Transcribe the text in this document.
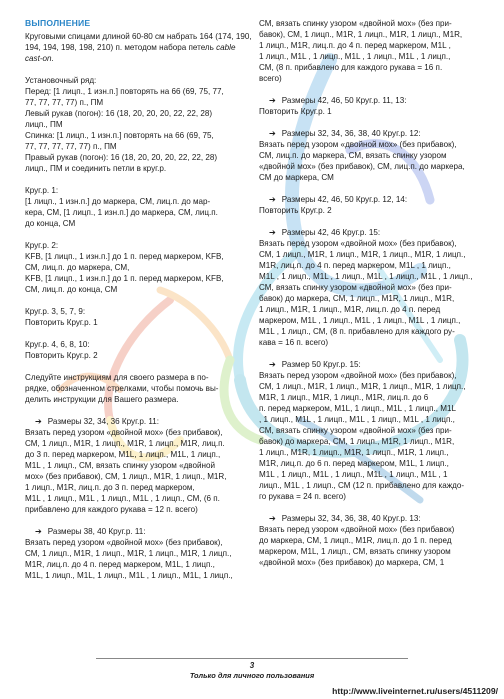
ВЫПОЛНЕНИЕ

Круговыми спицами длиной 60-80 см набрать 164 (174, 190, 194, 194, 198, 198, 210) п. методом набора петель cable cast-on.

Установочный ряд:
Перед: [1 лицп., 1 изн.п.] повторять на 66 (69, 75, 77,
77, 77, 77, 77) п., ПМ
Левый рукав (погон): 16 (18, 20, 20, 20, 22, 22, 28)
лицп., ПМ
Спинка: [1 лицп., 1 изн.п.] повторять на 66 (69, 75,
77, 77, 77, 77, 77) п., ПМ
Правый рукав (погон): 16 (18, 20, 20, 20, 22, 22, 28)
лицп., ПМ и соединить петли в круг.р.

Круг.р. 1:
[1 лицп., 1 изн.п.] до маркера, СМ, лиц.п. до мар-
кера, СМ, [1 лицп., 1 изн.п.] до маркера, СМ, лиц.п.
до конца, СМ

Круг.р. 2:
KFB, [1 лицп., 1 изн.п.] до 1 п. перед маркером, KFB,
СМ, лиц.п. до маркера, СМ,
KFB, [1 лицп., 1 изн.п.] до 1 п. перед маркером, KFB,
СМ, лиц.п. до конца, СМ

Круг.р. 3, 5, 7, 9:
Повторить Круг.р. 1

Круг.р. 4, 6, 8, 10:
Повторить Круг.р. 2

Следуйте инструкциям для своего размера в по-
рядке, обозначенном стрелками, чтобы помочь вы-
делить инструкции для Вашего размера.

➔ Размеры 32, 34, 36 Круг.р. 11:
Вязать перед узором «двойной мох» (без прибавок),
СМ, 1 лицп., M1R, 1 лицп., M1R, 1 лицп., M1R, лиц.п.
до 3 п. перед маркером, M1L, 1 лицп., M1L, 1 лицп.,
M1L , 1 лицп., СМ, вязать спинку узором «двойной
мох» (без прибавок), СМ, 1 лицп., M1R, 1 лицп., M1R,
1 лицп., M1R, лиц.п. до 3 п. перед маркером,
M1L , 1 лицп., M1L , 1 лицп., M1L , 1 лицп., СМ, (6 п.
прибавлено для каждого рукава = 12 п. всего)

➔ Размеры 38, 40 Круг.р. 11:
Вязать перед узором «двойной мох» (без прибавок),
СМ, 1 лицп., M1R, 1 лицп., M1R, 1 лицп., M1R, 1 лицп.,
M1R, лиц.п. до 4 п. перед маркером, M1L, 1 лицп.,
M1L, 1 лицп., M1L, 1 лицп., M1L , 1 лицп., M1L, 1 лицп.,

СМ, вязать спинку узором «двойной мох» (без при-
бавок), СМ, 1 лицп., M1R, 1 лицп., M1R, 1 лицп., M1R,
1 лицп., M1R, лиц.п. до 4 п. перед маркером, M1L ,
1 лицп., M1L , 1 лицп., M1L , 1 лицп., M1L , 1 лицп.,
СМ, (8 п. прибавлено для каждого рукава = 16 п.
всего)

➔ Размеры 42, 46, 50 Круг.р. 11, 13:
Повторить Круг.р. 1

➔ Размеры 32, 34, 36, 38, 40 Круг.р. 12:
Вязать перед узором «двойной мох» (без прибавок),
СМ, лиц.п. до маркера, СМ, вязать спинку узором
«двойной мох» (без прибавок), СМ, лиц.п. до маркера,
СМ до маркера, СМ

➔ Размеры 42, 46, 50 Круг.р. 12, 14:
Повторить Круг.р. 2

➔ Размеры 42, 46 Круг.р. 15:
Вязать перед узором «двойной мох» (без прибавок),
СМ, 1 лицп., M1R, 1 лицп., M1R, 1 лицп., M1R, 1 лицп.,
M1R, лиц.п. до 4 п. перед маркером, M1L , 1 лицп.,
M1L , 1 лицп., M1L , 1 лицп., M1L , 1 лицп., M1L , 1 лицп.,
СМ, вязать спинку узором «двойной мох» (без при-
бавок) до маркера, СМ, 1 лицп., M1R, 1 лицп., M1R,
1 лицп., M1R, 1 лицп., M1R, лиц.п. до 4 п. перед
маркером, M1L , 1 лицп., M1L , 1 лицп., M1L , 1 лицп.,
M1L , 1 лицп., СМ, (8 п. прибавлено для каждого ру-
кава = 16 п. всего)

➔ Размер 50 Круг.р. 15:
Вязать перед узором «двойной мох» (без прибавок),
СМ, 1 лицп., M1R, 1 лицп., M1R, 1 лицп., M1R, 1 лицп.,
M1R, 1 лицп., M1R, 1 лицп., M1R, лиц.п. до 6
п. перед маркером, M1L, 1 лицп., M1L , 1 лицп., M1L
, 1 лицп., M1L , 1 лицп., M1L , 1 лицп., M1L , 1 лицп.,
СМ, вязать спинку узором «двойной мох» (без при-
бавок) до маркера, СМ, 1 лицп., M1R, 1 лицп., M1R,
1 лицп., M1R, 1 лицп., M1R, 1 лицп., M1R, 1 лицп.,
M1R, лиц.п. до 6 п. перед маркером, M1L, 1 лицп.,
M1L , 1 лицп., M1L , 1 лицп., M1L , 1 лицп., M1L , 1
лицп., M1L , 1 лицп., СМ (12 п. прибавлено для каждо-
го рукава = 24 п. всего)

➔ Размеры 32, 34, 36, 38, 40 Круг.р. 13:
Вязать перед узором «двойной мох» (без прибавок)
до маркера, СМ, 1 лицп., M1R, лиц.п. до 1 п. перед
маркером, M1L, 1 лицп., СМ, вязать спинку узором
«двойной мох» (без прибавок) до маркера, СМ, 1

3
Только для личного пользования
http://www.liveinternet.ru/users/4511209/
